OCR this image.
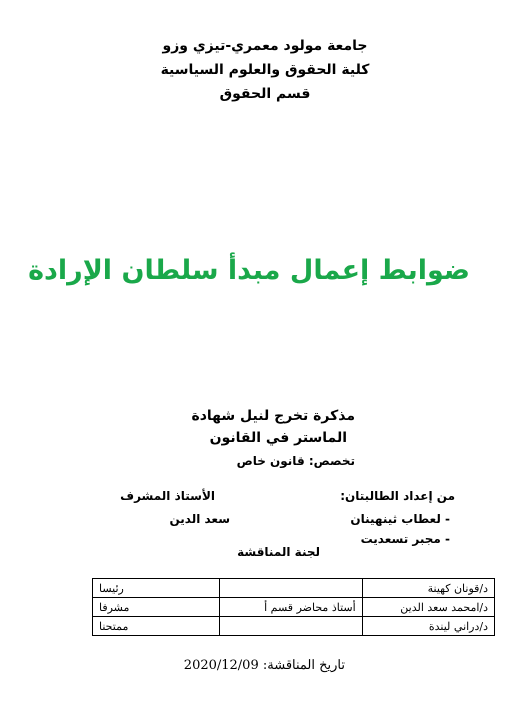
جامعة مولود معمري-تيزي وزو
كلية الحقوق والعلوم السياسية
قسم الحقوق
ضوابط إعمال مبدأ سلطان الإرادة
مذكرة تخرج لنيل شهادة
الماستر في القانون
تخصص: قانون خاص
من إعداد الطالبتان:
- لعطاب ثينهينان
- مجبر تسعديت
الأستاذ المشرف
سعد الدين
لجنة المناقشة
د/قونان كهينة		رئيسا
د/امحمد سعد الدين	أستاذ محاضر قسم أ	مشرفا
د/دراني ليندة		ممتحنا
تاريخ المناقشة: 2020/12/09
